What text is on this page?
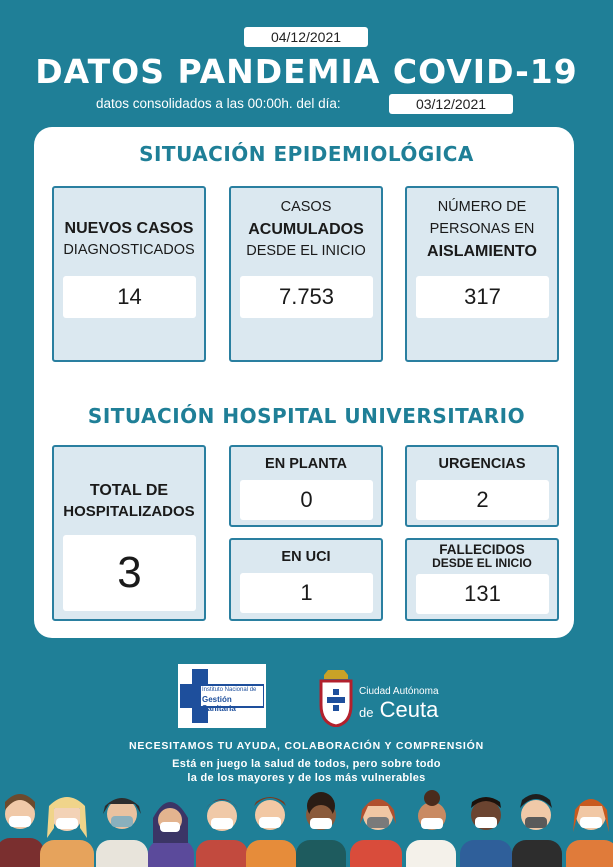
04/12/2021
DATOS PANDEMIA COVID-19
datos consolidados a las 00:00h. del día:	03/12/2021
SITUACIÓN EPIDEMIOLÓGICA
NUEVOS CASOS
DIAGNOSTICADOS
14
CASOS
ACUMULADOS
DESDE EL INICIO
7.753
NÚMERO DE
PERSONAS EN
AISLAMIENTO
317
SITUACIÓN HOSPITAL UNIVERSITARIO
TOTAL DE
HOSPITALIZADOS
3
EN PLANTA
0
URGENCIAS
2
EN UCI
1
FALLECIDOS
DESDE EL INICIO
131
Instituto Nacional de
Gestión Sanitaria
Ciudad Autónoma
de Ceuta
NECESITAMOS TU AYUDA, COLABORACIÓN Y COMPRENSIÓN
Está en juego la salud de todos, pero sobre todo
la de los mayores y de los más vulnerables
